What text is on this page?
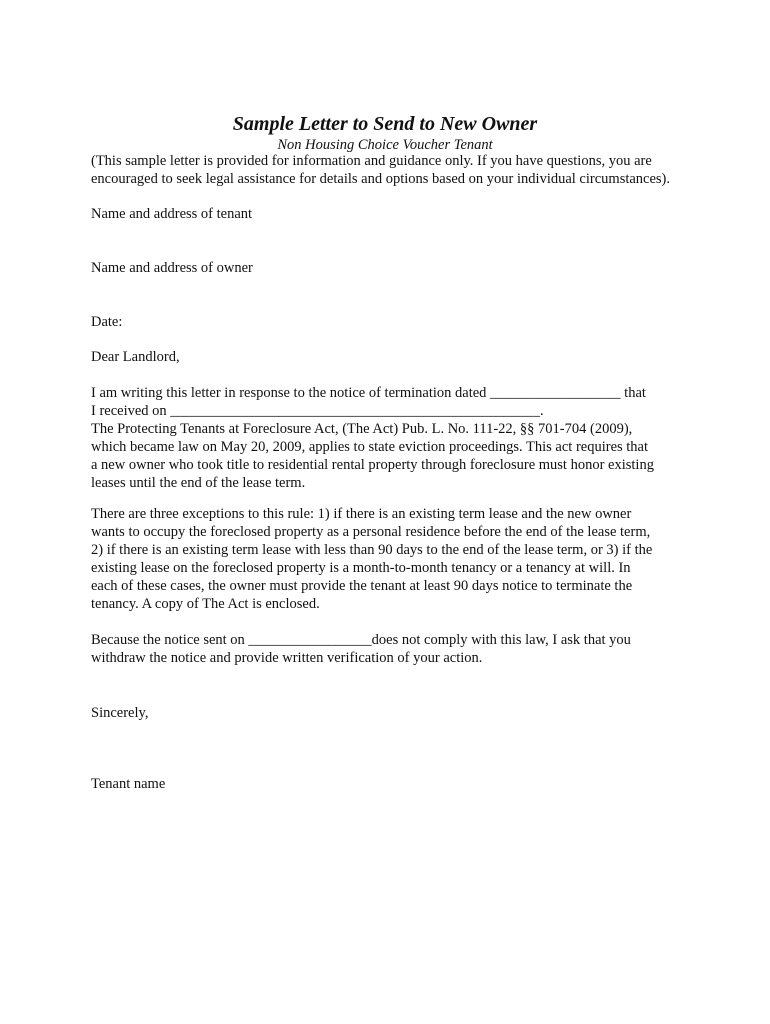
Sample Letter to Send to New Owner
Non Housing Choice Voucher Tenant
(This sample letter is provided for information and guidance only. If you have questions, you are
encouraged to seek legal assistance for details and options based on your individual circumstances).
Name and address of tenant
Name and address of owner
Date:
Dear Landlord,
I am writing this letter in response to the notice of termination dated __________________ that
I received on ___________________________________________________.
The Protecting Tenants at Foreclosure Act, (The Act) Pub. L. No. 111-22, §§ 701-704 (2009),
which became law on May 20, 2009, applies to state eviction proceedings. This act requires that
a new owner who took title to residential rental property through foreclosure must honor existing
leases until the end of the lease term.
There are three exceptions to this rule: 1) if there is an existing term lease and the new owner
wants to occupy the foreclosed property as a personal residence before the end of the lease term,
2) if there is an existing term lease with less than 90 days to the end of the lease term, or 3) if the
existing lease on the foreclosed property is a month-to-month tenancy or a tenancy at will. In
each of these cases, the owner must provide the tenant at least 90 days notice to terminate the
tenancy. A copy of The Act is enclosed.
Because the notice sent on _________________does not comply with this law, I ask that you
withdraw the notice and provide written verification of your action.
Sincerely,
Tenant name
